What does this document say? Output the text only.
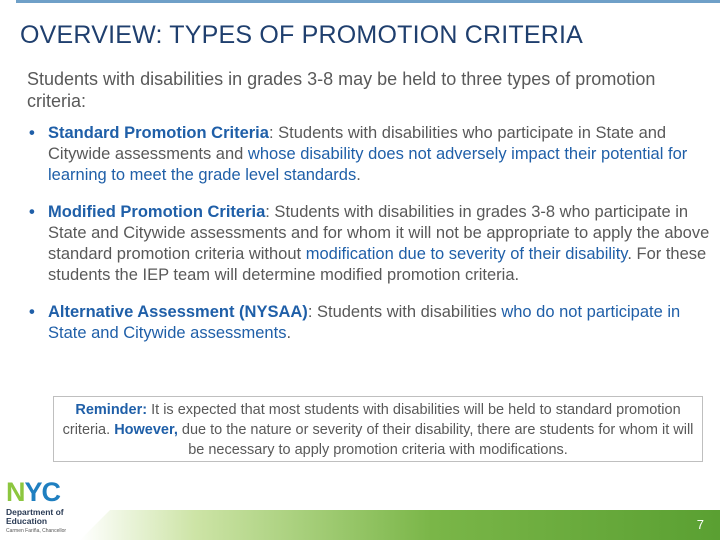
OVERVIEW: TYPES OF PROMOTION CRITERIA
Students with disabilities in grades 3-8 may be held to three types of promotion criteria:
• Standard Promotion Criteria: Students with disabilities who participate in State and Citywide assessments and whose disability does not adversely impact their potential for learning to meet the grade level standards.
• Modified Promotion Criteria: Students with disabilities in grades 3-8 who participate in State and Citywide assessments and for whom it will not be appropriate to apply the above standard promotion criteria without modification due to severity of their disability. For these students the IEP team will determine modified promotion criteria.
• Alternative Assessment (NYSAA): Students with disabilities who do not participate in State and Citywide assessments.
Reminder: It is expected that most students with disabilities will be held to standard promotion criteria. However, due to the nature or severity of their disability, there are students for whom it will be necessary to apply promotion criteria with modifications.
NYC
Department of Education
Carmen Fariña, Chancellor	7
